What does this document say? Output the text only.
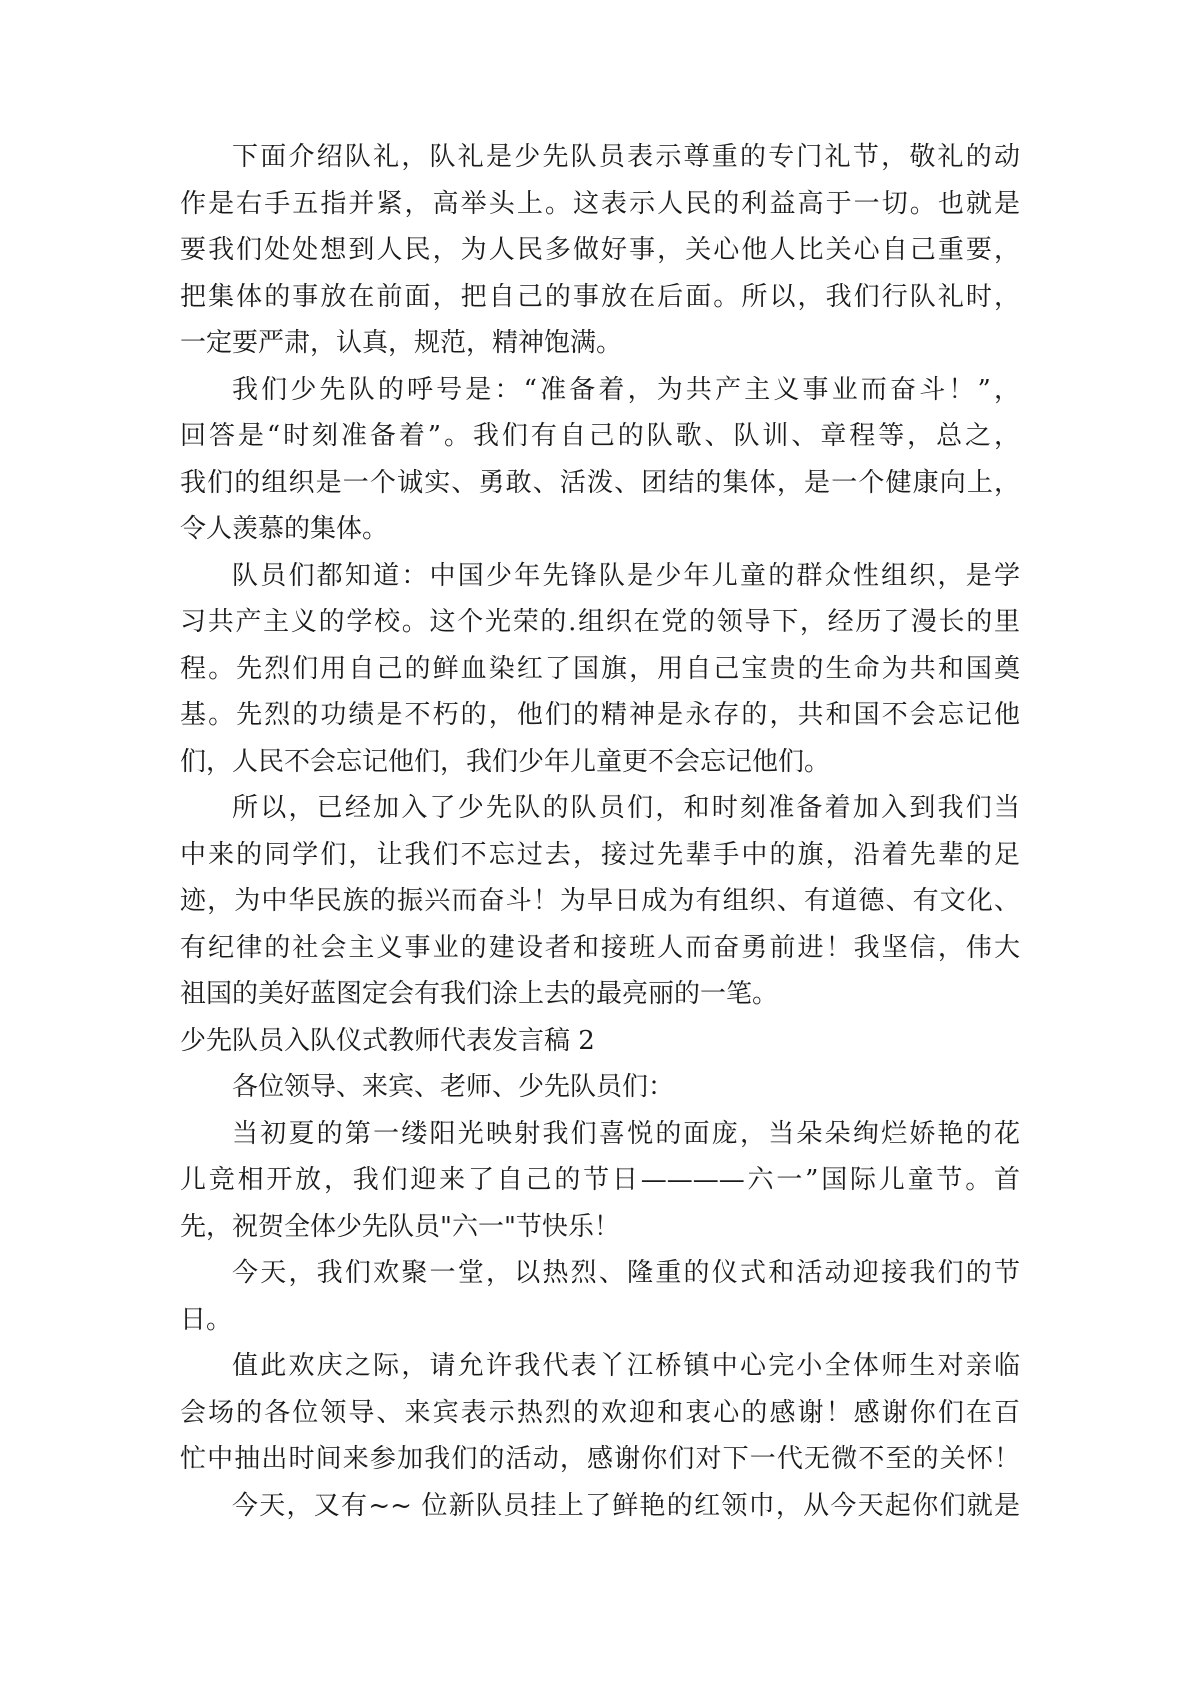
下面介绍队礼，队礼是少先队员表示尊重的专门礼节，敬礼的动
作是右手五指并紧，高举头上。这表示人民的利益高于一切。也就是
要我们处处想到人民，为人民多做好事，关心他人比关心自己重要，
把集体的事放在前面，把自己的事放在后面。所以，我们行队礼时，
一定要严肃，认真，规范，精神饱满。
我们少先队的呼号是：“准备着，为共产主义事业而奋斗！”，
回答是“时刻准备着”。我们有自己的队歌、队训、章程等，总之，
我们的组织是一个诚实、勇敢、活泼、团结的集体，是一个健康向上，
令人羡慕的集体。
队员们都知道：中国少年先锋队是少年儿童的群众性组织，是学
习共产主义的学校。这个光荣的.组织在党的领导下，经历了漫长的里
程。先烈们用自己的鲜血染红了国旗，用自己宝贵的生命为共和国奠
基。先烈的功绩是不朽的，他们的精神是永存的，共和国不会忘记他
们，人民不会忘记他们，我们少年儿童更不会忘记他们。
所以，已经加入了少先队的队员们，和时刻准备着加入到我们当
中来的同学们，让我们不忘过去，接过先辈手中的旗，沿着先辈的足
迹，为中华民族的振兴而奋斗！为早日成为有组织、有道德、有文化、
有纪律的社会主义事业的建设者和接班人而奋勇前进！我坚信，伟大
祖国的美好蓝图定会有我们涂上去的最亮丽的一笔。
少先队员入队仪式教师代表发言稿 2
各位领导、来宾、老师、少先队员们：
当初夏的第一缕阳光映射我们喜悦的面庞，当朵朵绚烂娇艳的花
儿竞相开放，我们迎来了自己的节日————六一”国际儿童节。首
先，祝贺全体少先队员"六一"节快乐！
今天，我们欢聚一堂，以热烈、隆重的仪式和活动迎接我们的节
日。
值此欢庆之际，请允许我代表丫江桥镇中心完小全体师生对亲临
会场的各位领导、来宾表示热烈的欢迎和衷心的感谢！感谢你们在百
忙中抽出时间来参加我们的活动，感谢你们对下一代无微不至的关怀！
今天，又有~~ 位新队员挂上了鲜艳的红领巾，从今天起你们就是
